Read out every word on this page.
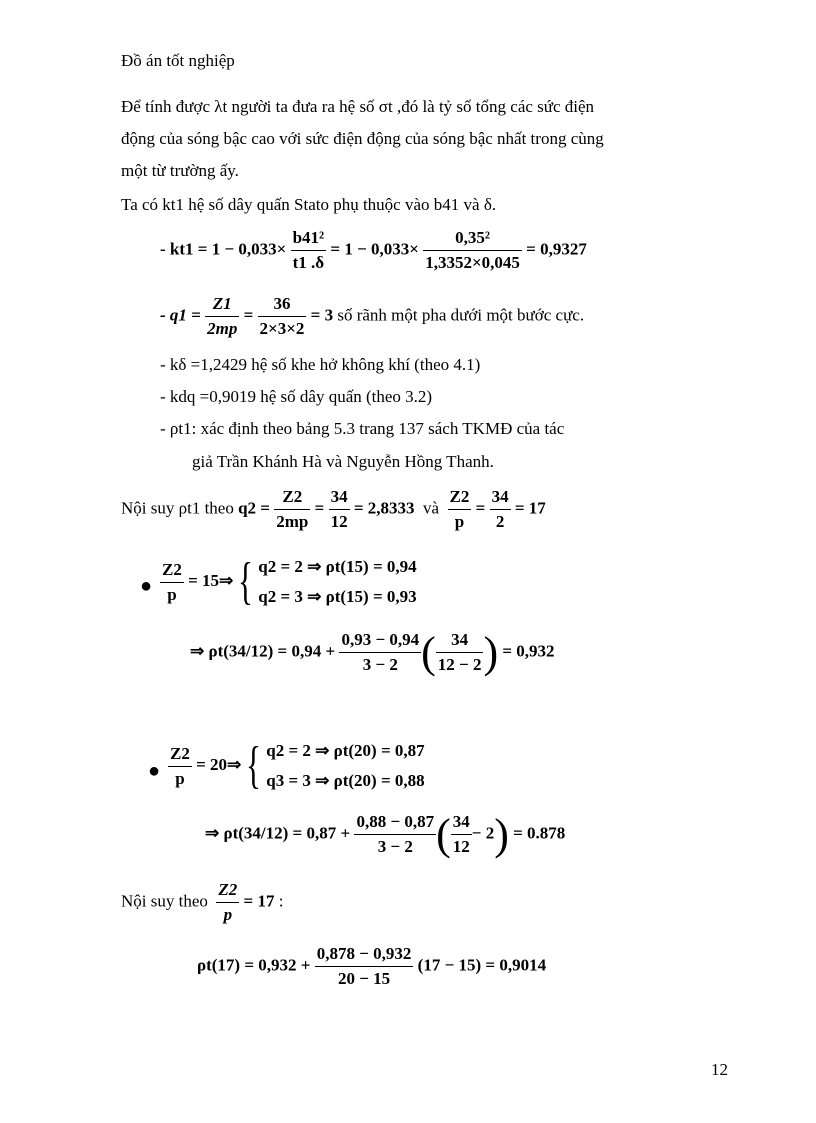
Đồ án tốt nghiệp
Để tính được λt người ta đưa ra hệ số σt ,đó là tỷ số tổng các sức điện
động của sóng bậc cao với sức điện động của sóng bậc nhất trong cùng
một từ trường ấy.
Ta có kt1 hệ số dây quấn Stato phụ thuộc vào b41 và δ.
- $kt1 = 1 - 0,033\times \frac{\text{b41²}}{t1 .\delta} = 1 - 0,033\times \frac{\text{0,35²}}{1,3352\times 0,045} = 0,9327$
- $q1 = \frac{Z1}{2mp} = \frac{36}{2\times 3\times 2} = 3$ số rãnh một pha dưới một bước cực.
- kδ =1,2429 hệ số khe hở không khí (theo 4.1)
- kdq =0,9019 hệ số dây quấn (theo 3.2)
- ρt1: xác định theo bảng 5.3 trang 137 sách TKMĐ của tác
giả Trần Khánh Hà và Nguyễn Hồng Thanh.
Nội suy ρt1 theo $q2 = \frac{Z2}{2mp} = \frac{34}{12} = 2,8333$ và $\frac{Z2}{p} = \frac{34}{2} = 17$
● $\frac{Z2}{p}$ = 15⇒{ q2 = 2 ⇒ ρt(15) = 0,94
q2 = 3 ⇒ ρt(15) = 0,93
⇒ $\rho t(34/12) = 0,94 + \frac{0,93 - 0,94}{3 - 2}$ ( $\frac{34}{12 - 2}$ ) = 0,932
● $\frac{Z2}{p}$ = 20⇒{ q2 = 2 ⇒ ρt(20) = 0,87
q3 = 3 ⇒ ρt(20) = 0,88
⇒ $\rho t(34/12) = 0,87 + \frac{0,88 - 0,87}{3 - 2}$ ( $\frac{34}{12} - 2) = 0.878$
Nội suy theo $\frac{Z2}{p} = 17$ :
$\rho t(17) = 0,932 + \frac{0,878 - 0,932}{20 - 15} (17 - 15) = 0,9014$
12
